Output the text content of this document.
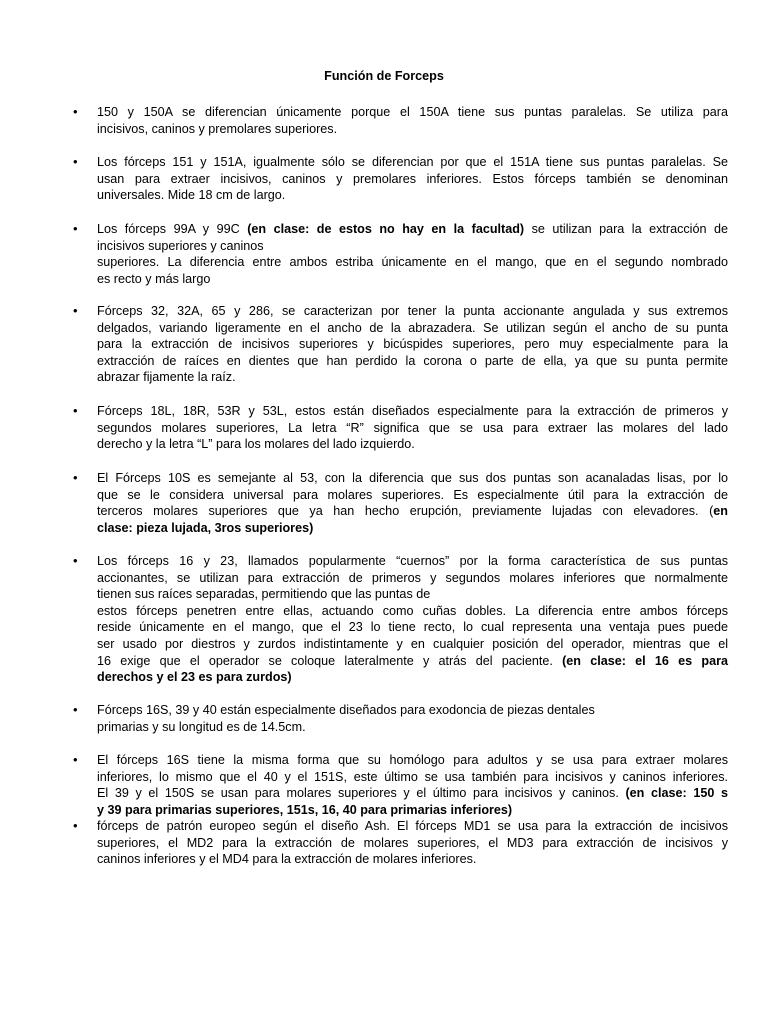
Función de Forceps
•	150 y 150A se diferencian únicamente porque el 150A tiene sus puntas paralelas. Se utiliza para
incisivos, caninos y premolares superiores.
•	Los fórceps 151 y 151A, igualmente sólo se diferencian por que el 151A tiene sus puntas paralelas. Se
usan para extraer incisivos, caninos y premolares inferiores. Estos fórceps también se denominan
universales. Mide 18 cm de largo.
•	Los fórceps 99A y 99C (en clase: de estos no hay en la facultad) se utilizan para la extracción de
incisivos superiores y caninos
superiores. La diferencia entre ambos estriba únicamente en el mango, que en el segundo nombrado
es recto y más largo
•	Fórceps 32, 32A, 65 y 286, se caracterizan por tener la punta accionante angulada y sus extremos
delgados, variando ligeramente en el ancho de la abrazadera. Se utilizan según el ancho de su punta
para la extracción de incisivos superiores y bicúspides superiores, pero muy especialmente para la
extracción de raíces en dientes que han perdido la corona o parte de ella, ya que su punta permite
abrazar fijamente la raíz.
•	Fórceps 18L, 18R, 53R y 53L, estos están diseñados especialmente para la extracción de primeros y
segundos molares superiores, La letra “R” significa que se usa para extraer las molares del lado
derecho y la letra “L” para los molares del lado izquierdo.
•	El Fórceps 10S es semejante al 53, con la diferencia que sus dos puntas son acanaladas lisas, por lo
que se le considera universal para molares superiores. Es especialmente útil para la extracción de
terceros molares superiores que ya han hecho erupción, previamente lujadas con elevadores. (en
clase: pieza lujada, 3ros superiores)
•	Los fórceps 16 y 23, llamados popularmente “cuernos” por la forma característica de sus puntas
accionantes, se utilizan para extracción de primeros y segundos molares inferiores que normalmente
tienen sus raíces separadas, permitiendo que las puntas de
estos fórceps penetren entre ellas, actuando como cuñas dobles. La diferencia entre ambos fórceps
reside únicamente en el mango, que el 23 lo tiene recto, lo cual representa una ventaja pues puede
ser usado por diestros y zurdos indistintamente y en cualquier posición del operador, mientras que el
16 exige que el operador se coloque lateralmente y atrás del paciente. (en clase: el 16 es para
derechos y el 23 es para zurdos)
•	Fórceps 16S, 39 y 40 están especialmente diseñados para exodoncia de piezas dentales
primarias y su longitud es de 14.5cm.
•	El fórceps 16S tiene la misma forma que su homólogo para adultos y se usa para extraer molares
inferiores, lo mismo que el 40 y el 151S, este último se usa también para incisivos y caninos inferiores.
El 39 y el 150S se usan para molares superiores y el último para incisivos y caninos. (en clase: 150 s
y 39 para primarias superiores, 151s, 16, 40 para primarias inferiores)
•	fórceps de patrón europeo según el diseño Ash. El fórceps MD1 se usa para la extracción de incisivos
superiores, el MD2 para la extracción de molares superiores, el MD3 para extracción de incisivos y
caninos inferiores y el MD4 para la extracción de molares inferiores.
